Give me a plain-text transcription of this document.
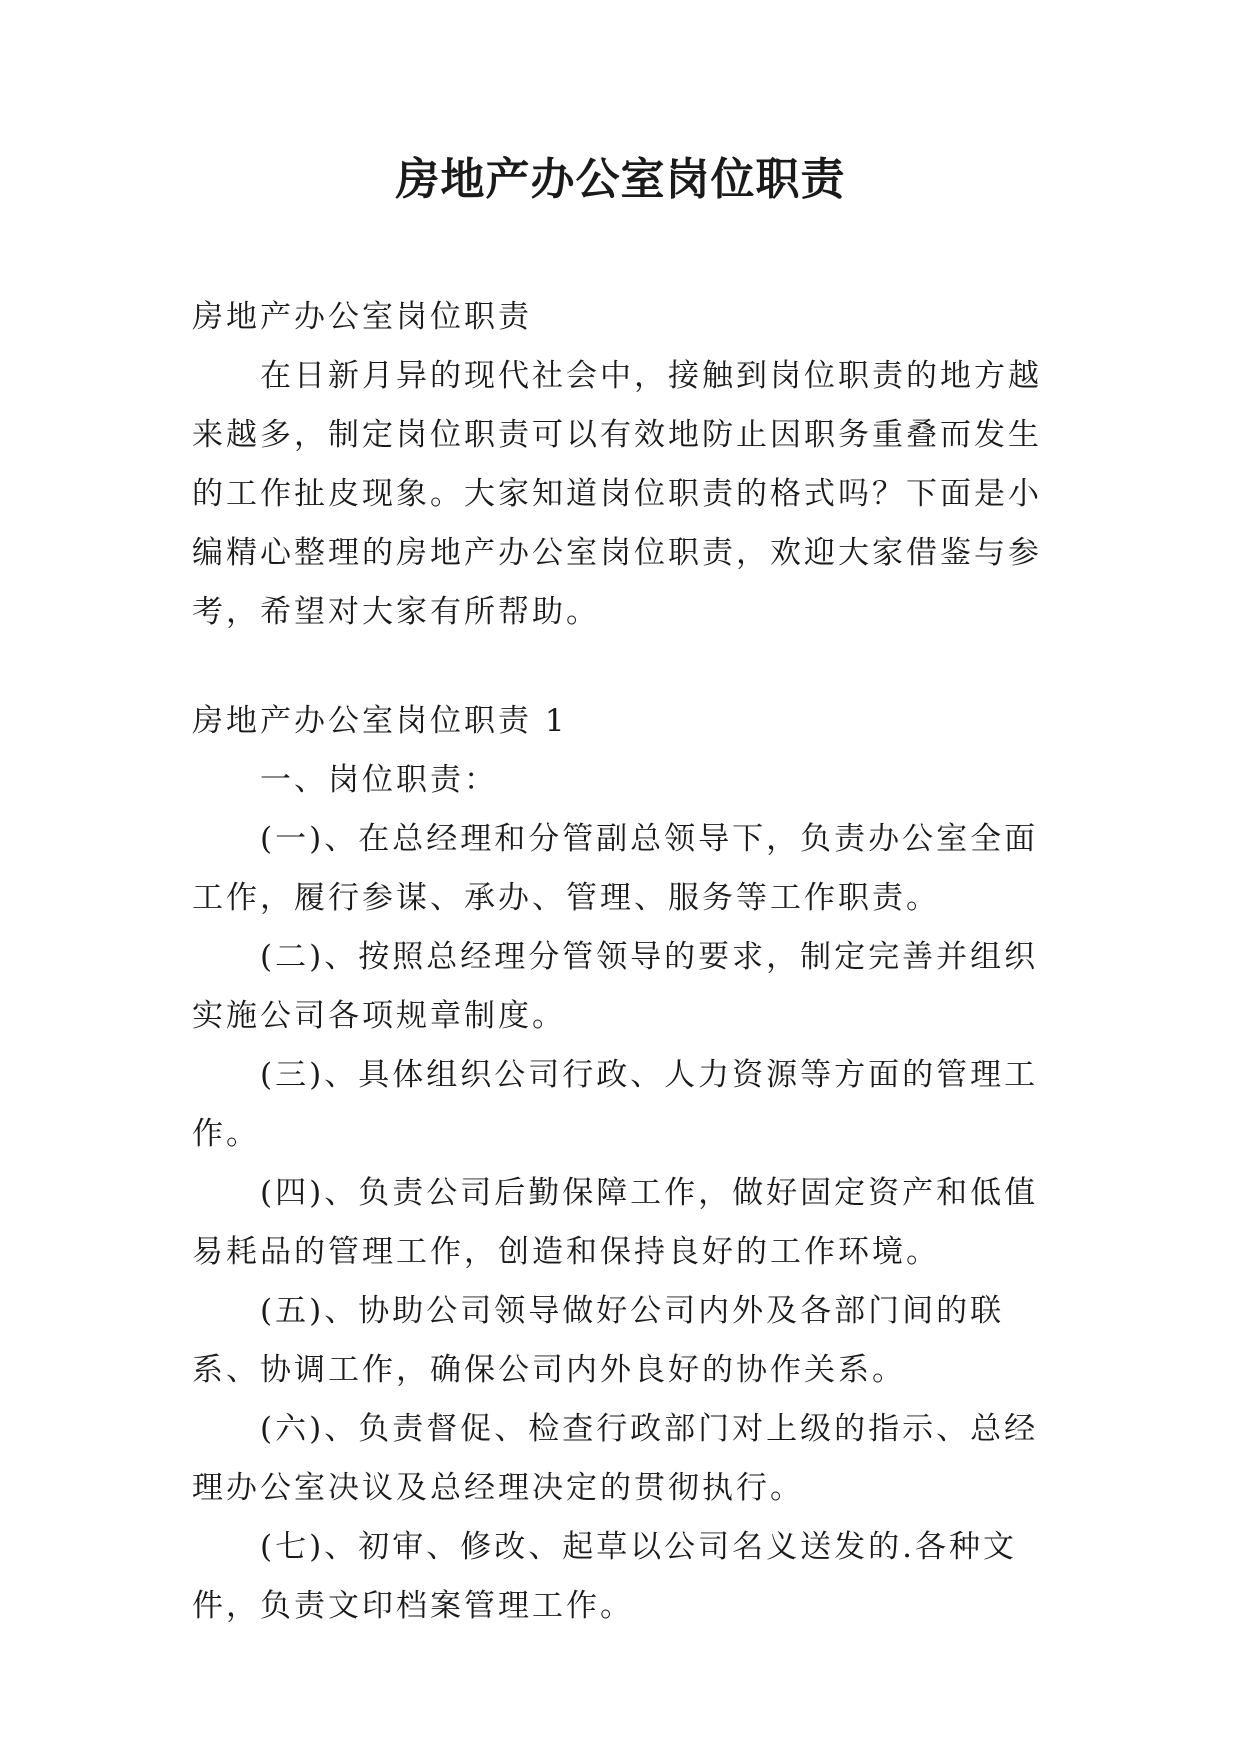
房地产办公室岗位职责

房地产办公室岗位职责

在日新月异的现代社会中，接触到岗位职责的地方越来越多，制定岗位职责可以有效地防止因职务重叠而发生的工作扯皮现象。大家知道岗位职责的格式吗？下面是小编精心整理的房地产办公室岗位职责，欢迎大家借鉴与参考，希望对大家有所帮助。

房地产办公室岗位职责 1

一、岗位职责：

(一)、在总经理和分管副总领导下，负责办公室全面工作，履行参谋、承办、管理、服务等工作职责。

(二)、按照总经理分管领导的要求，制定完善并组织实施公司各项规章制度。

(三)、具体组织公司行政、人力资源等方面的管理工作。

(四)、负责公司后勤保障工作，做好固定资产和低值易耗品的管理工作，创造和保持良好的工作环境。

(五)、协助公司领导做好公司内外及各部门间的联系、协调工作，确保公司内外良好的协作关系。

(六)、负责督促、检查行政部门对上级的指示、总经理办公室决议及总经理决定的贯彻执行。

(七)、初审、修改、起草以公司名义送发的.各种文件，负责文印档案管理工作。
